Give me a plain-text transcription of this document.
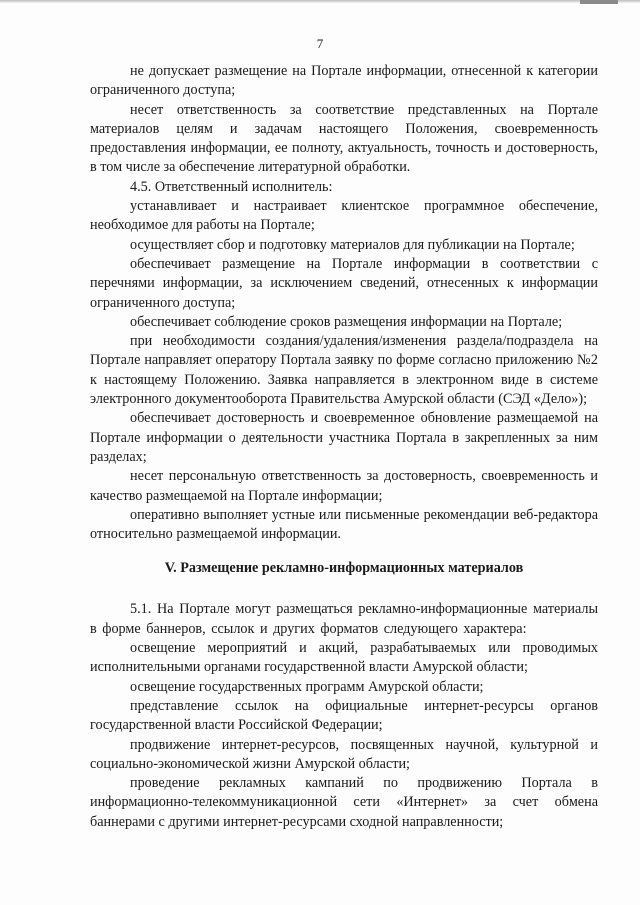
7

не допускает размещение на Портале информации, отнесенной к категории ограниченного доступа;

несет ответственность за соответствие представленных на Портале материалов целям и задачам настоящего Положения, своевременность предоставления информации, ее полноту, актуальность, точность и достоверность, в том числе за обеспечение литературной обработки.

4.5. Ответственный исполнитель:

устанавливает и настраивает клиентское программное обеспечение, необходимое для работы на Портале;

осуществляет сбор и подготовку материалов для публикации на Портале;

обеспечивает размещение на Портале информации в соответствии с перечнями информации, за исключением сведений, отнесенных к информации ограниченного доступа;

обеспечивает соблюдение сроков размещения информации на Портале;

при необходимости создания/удаления/изменения раздела/подраздела на Портале направляет оператору Портала заявку по форме согласно приложению №2 к настоящему Положению. Заявка направляется в электронном виде в системе электронного документооборота Правительства Амурской области (СЭД «Дело»);

обеспечивает достоверность и своевременное обновление размещаемой на Портале информации о деятельности участника Портала в закрепленных за ним разделах;

несет персональную ответственность за достоверность, своевременность и качество размещаемой на Портале информации;

оперативно выполняет устные или письменные рекомендации веб-редактора относительно размещаемой информации.

V. Размещение рекламно-информационных материалов

5.1. На Портале могут размещаться рекламно-информационные материалы в форме баннеров, ссылок и других форматов следующего характера:

освещение мероприятий и акций, разрабатываемых или проводимых исполнительными органами государственной власти Амурской области;

освещение государственных программ Амурской области;

представление ссылок на официальные интернет-ресурсы органов государственной власти Российской Федерации;

продвижение интернет-ресурсов, посвященных научной, культурной и социально-экономической жизни Амурской области;

проведение рекламных кампаний по продвижению Портала в информационно-телекоммуникационной сети «Интернет» за счет обмена баннерами с другими интернет-ресурсами сходной направленности;
